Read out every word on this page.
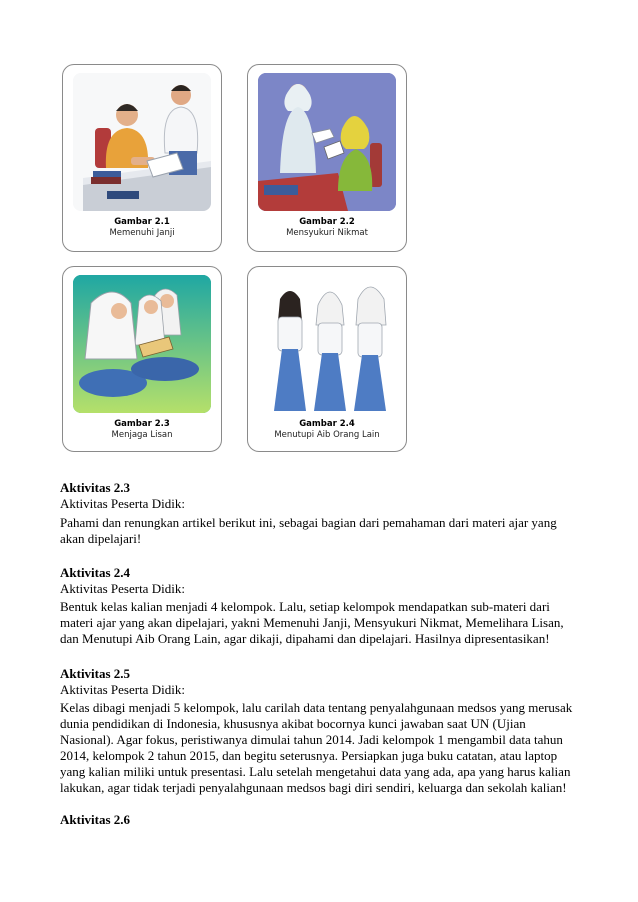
Gambar 2.1
Memenuhi Janji
Gambar 2.2
Mensyukuri Nikmat
Gambar 2.3
Menjaga Lisan
Gambar 2.4
Menutupi Aib Orang Lain
Aktivitas 2.3
Aktivitas Peserta Didik:
Pahami dan renungkan artikel berikut ini, sebagai bagian dari pemahaman dari materi ajar yang akan dipelajari!
Aktivitas 2.4
Aktivitas Peserta Didik:
Bentuk kelas kalian menjadi 4 kelompok. Lalu, setiap kelompok mendapatkan sub-materi dari materi ajar yang akan dipelajari, yakni Memenuhi Janji, Mensyukuri Nikmat, Memelihara Lisan, dan Menutupi Aib Orang Lain, agar dikaji, dipahami dan dipelajari. Hasilnya dipresentasikan!
Aktivitas 2.5
Aktivitas Peserta Didik:
Kelas dibagi menjadi 5 kelompok, lalu carilah data tentang penyalahgunaan medsos yang merusak dunia pendidikan di Indonesia, khususnya akibat bocornya kunci jawaban saat UN (Ujian Nasional). Agar fokus, peristiwanya dimulai tahun 2014. Jadi kelompok 1 mengambil data tahun 2014, kelompok 2 tahun 2015, dan begitu seterusnya. Persiapkan juga buku catatan, atau laptop yang kalian miliki untuk presentasi. Lalu setelah mengetahui data yang ada, apa yang harus kalian lakukan, agar tidak terjadi penyalahgunaan medsos bagi diri sendiri, keluarga dan sekolah kalian!
Aktivitas 2.6
